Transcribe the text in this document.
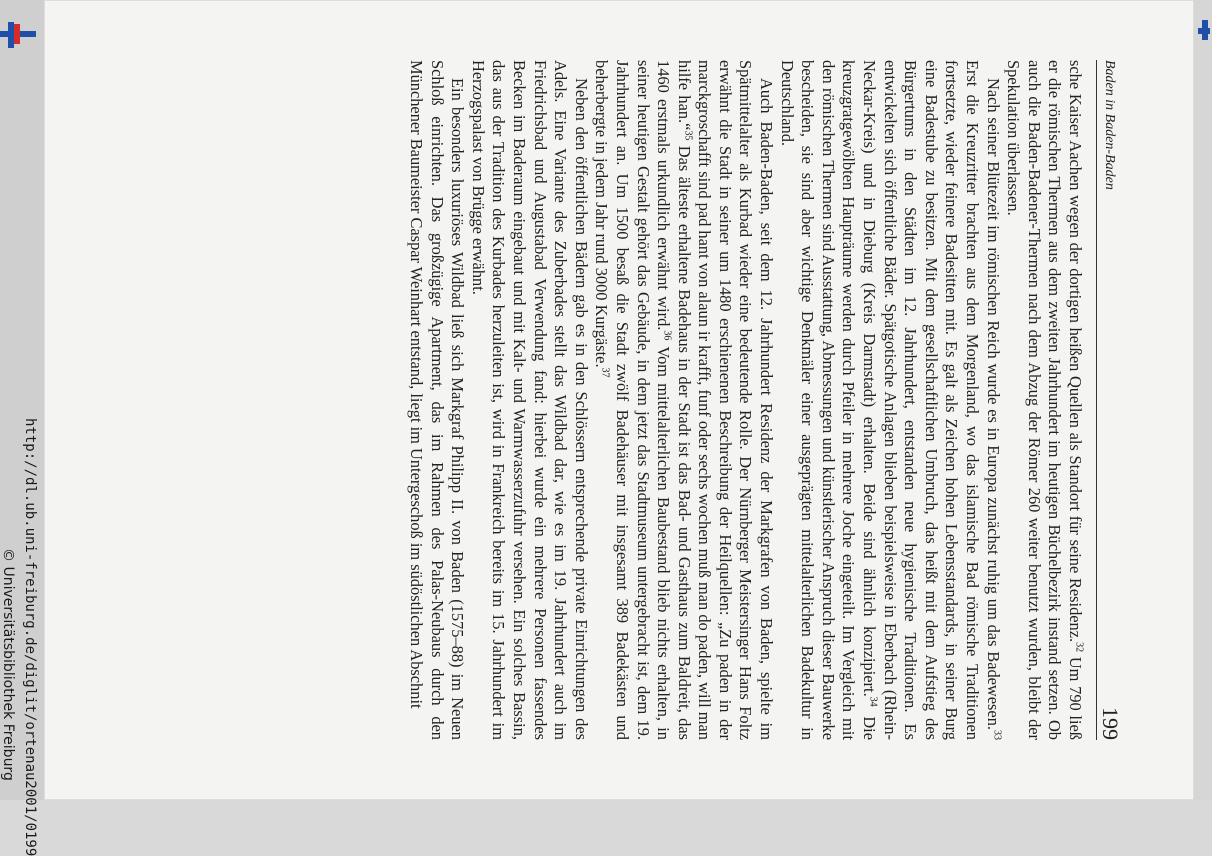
Baden in Baden-Baden
199

sche Kaiser Aachen wegen der dortigen heißen Quellen als Standort für seine Residenz.$^{32}$ Um 790 ließ er die römischen Thermen aus dem zweiten Jahrhundert im heutigen Büchelbezirk instand setzen. Ob auch die Baden-Badener-Thermen nach dem Abzug der Römer 260 weiter benutzt wurden, bleibt der Spekulation überlassen.

Nach seiner Blütezeit im römischen Reich wurde es in Europa zunächst ruhig um das Badewesen.$^{33}$ Erst die Kreuzritter brachten aus dem Morgenland, wo das islamische Bad römische Traditionen fortsetzte, wieder feinere Badesitten mit. Es galt als Zeichen hohen Lebensstandards, in seiner Burg eine Badestube zu besitzen. Mit dem gesellschaftlichen Umbruch, das heißt mit dem Aufstieg des Bürgertums in den Städten im 12. Jahrhundert, entstanden neue hygienische Traditionen. Es entwickelten sich öffentliche Bäder. Spätgotische Anlagen blieben beispielsweise in Eberbach (Rhein-Neckar-Kreis) und in Dieburg (Kreis Darmstadt) erhalten. Beide sind ähnlich konzipiert.$^{34}$ Die kreuzgratgewölbten Haupträume werden durch Pfeiler in mehrere Joche eingeteilt. Im Vergleich mit den römischen Thermen sind Ausstattung, Abmessungen und künstlerischer Anspruch dieser Bauwerke bescheiden, sie sind aber wichtige Denkmäler einer ausgeprägten mittelalterlichen Badekultur in Deutschland.

Auch Baden-Baden, seit dem 12. Jahrhundert Residenz der Markgrafen von Baden, spielte im Spätmittelalter als Kurbad wieder eine bedeutende Rolle. Der Nürnberger Meistersinger Hans Foltz erwähnt die Stadt in seiner um 1480 erschienenen Beschreibung der Heilquellen: „Zu paden in der marckgroschafft sind pad hant von alaun ir krafft, funf oder sechs wochen muß man do paden, will man hilfe han.“$^{35}$ Das älteste erhaltene Badehaus in der Stadt ist das Bad- und Gasthaus zum Baldreit, das 1460 erstmals urkundlich erwähnt wird.$^{36}$ Vom mittelalterlichen Baubestand blieb nichts erhalten, in seiner heutigen Gestalt gehört das Gebäude, in dem jetzt das Stadtmuseum untergebracht ist, dem 19. Jahrhundert an. Um 1500 besaß die Stadt zwölf Badehäuser mit insgesamt 389 Badekästen und beherbergte in jedem Jahr rund 3000 Kurgäste.$^{37}$

Neben den öffentlichen Bädern gab es in den Schlössern entsprechende private Einrichtungen des Adels. Eine Variante des Zuberbades stellt das Wildbad dar, wie es im 19. Jahrhundert auch im Friedrichsbad und Augustabad Verwendung fand: hierbei wurde ein mehrere Personen fassendes Becken im Baderaum eingebaut und mit Kalt- und Warmwasserzufuhr versehen. Ein solches Bassin, das aus der Tradition des Kurbades herzuleiten ist, wird in Frankreich bereits im 15. Jahrhundert im Herzogspalast von Brügge erwähnt.

Ein besonders luxuriöses Wildbad ließ sich Markgraf Philipp II. von Baden (1575–88) im Neuen Schloß einrichten. Das großzügige Apartment, das im Rahmen des Palas-Neubaus durch den Münchener Baumeister Caspar Weinhart entstand, liegt im Untergeschoß im südöstlichen Abschnit

http://dl.ub.uni-freiburg.de/diglit/ortenau2001/0199
© Universitätsbibliothek Freiburg
